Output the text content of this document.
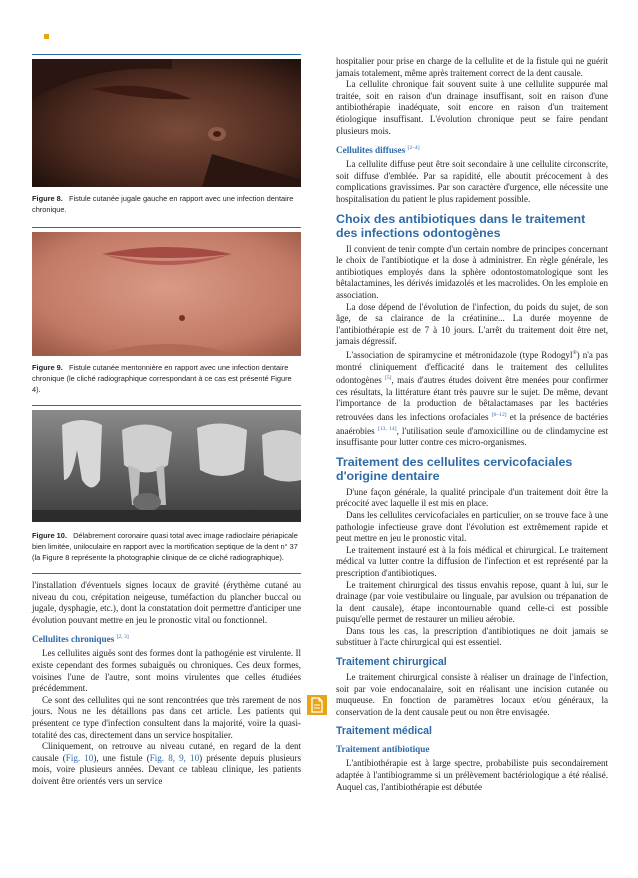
Figure 8. Fistule cutanée jugale gauche en rapport avec une infection dentaire chronique.
Figure 9. Fistule cutanée mentonnière en rapport avec une infection dentaire chronique (le cliché radiographique correspondant à ce cas est présenté Figure 4).
Figure 10. Délabrement coronaire quasi total avec image radioclaire périapicale bien limitée, uniloculaire en rapport avec la mortification septique de la dent n° 37 (la Figure 8 représente la photographie clinique de ce cliché radiographique).

l'installation d'éventuels signes locaux de gravité (érythème cutané au niveau du cou, crépitation neigeuse, tuméfaction du plancher buccal ou jugale, dysphagie, etc.), dont la constatation doit permettre d'anticiper une évolution pouvant mettre en jeu le pronostic vital ou fonctionnel.

Cellulites chroniques [2, 3]

Les cellulites aiguës sont des formes dont la pathogénie est virulente. Il existe cependant des formes subaiguës ou chroniques. Ces deux formes, voisines l'une de l'autre, sont moins virulentes que celles étudiées précédemment.

Ce sont des cellulites qui ne sont rencontrées que très rarement de nos jours. Nous ne les détaillons pas dans cet article. Les patients qui présentent ce type d'infection consultent dans la majorité, voire la quasi-totalité des cas, directement dans un service hospitalier.

Cliniquement, on retrouve au niveau cutané, en regard de la dent causale (Fig. 10), une fistule (Fig. 8, 9, 10) présente depuis plusieurs mois, voire plusieurs années. Devant ce tableau clinique, les patients doivent être orientés vers un service

hospitalier pour prise en charge de la cellulite et de la fistule qui ne guérit jamais totalement, même après traitement correct de la dent causale.

La cellulite chronique fait souvent suite à une cellulite suppurée mal traitée, soit en raison d'un drainage insuffisant, soit en raison d'une antibiothérapie inadéquate, soit encore en raison d'un traitement étiologique insuffisant. L'évolution chronique peut se faire pendant plusieurs mois.

Cellulites diffuses [2–4]

La cellulite diffuse peut être soit secondaire à une cellulite circonscrite, soit diffuse d'emblée. Par sa rapidité, elle aboutit précocement à des complications gravissimes. Par son caractère d'urgence, elle nécessite une hospitalisation du patient le plus rapidement possible.

Choix des antibiotiques dans le traitement des infections odontogènes

Il convient de tenir compte d'un certain nombre de principes concernant le choix de l'antibiotique et la dose à administrer. En règle générale, les antibiotiques employés dans la sphère odontostomatologique sont les bêtalactamines, les dérivés imidazolés et les macrolides. On les emploie en association.

La dose dépend de l'évolution de l'infection, du poids du sujet, de son âge, de sa clairance de la créatinine... La durée moyenne de l'antibiothérapie est de 7 à 10 jours. L'arrêt du traitement doit être net, jamais dégressif.

L'association de spiramycine et métronidazole (type Rodogyl®) n'a pas montré cliniquement d'efficacité dans le traitement des cellulites odontogènes [5], mais d'autres études doivent être menées pour confirmer ces résultats, la littérature étant très pauvre sur le sujet. De même, devant l'importance de la production de bêtalactamases par les bactéries retrouvées dans les infections orofaciales [6–12] et la présence de bactéries anaérobies [13, 14], l'utilisation seule d'amoxicilline ou de clindamycine est insuffisante pour lutter contre ces micro-organismes.

Traitement des cellulites cervicofaciales d'origine dentaire

D'une façon générale, la qualité principale d'un traitement doit être la précocité avec laquelle il est mis en place.

Dans les cellulites cervicofaciales en particulier, on se trouve face à une pathologie infectieuse grave dont l'évolution est extrêmement rapide et peut mettre en jeu le pronostic vital.

Le traitement instauré est à la fois médical et chirurgical. Le traitement médical va lutter contre la diffusion de l'infection et est représenté par la prescription d'antibiotiques.

Le traitement chirurgical des tissus envahis repose, quant à lui, sur le drainage (par voie vestibulaire ou linguale, par avulsion ou trépanation de la dent causale), étape incontournable quand celle-ci est possible puisqu'elle permet de restaurer un milieu aérobie.

Dans tous les cas, la prescription d'antibiotiques ne doit jamais se substituer à l'acte chirurgical qui est essentiel.

Traitement chirurgical

Le traitement chirurgical consiste à réaliser un drainage de l'infection, soit par voie endocanalaire, soit en réalisant une incision cutanée ou muqueuse. En fonction de paramètres locaux et/ou généraux, la conservation de la dent causale peut ou non être envisagée.

Traitement médical
Traitement antibiotique

L'antibiothérapie est à large spectre, probabiliste puis secondairement adaptée à l'antibiogramme si un prélèvement bactériologique a été réalisé. Auquel cas, l'antibiothérapie est débutée
